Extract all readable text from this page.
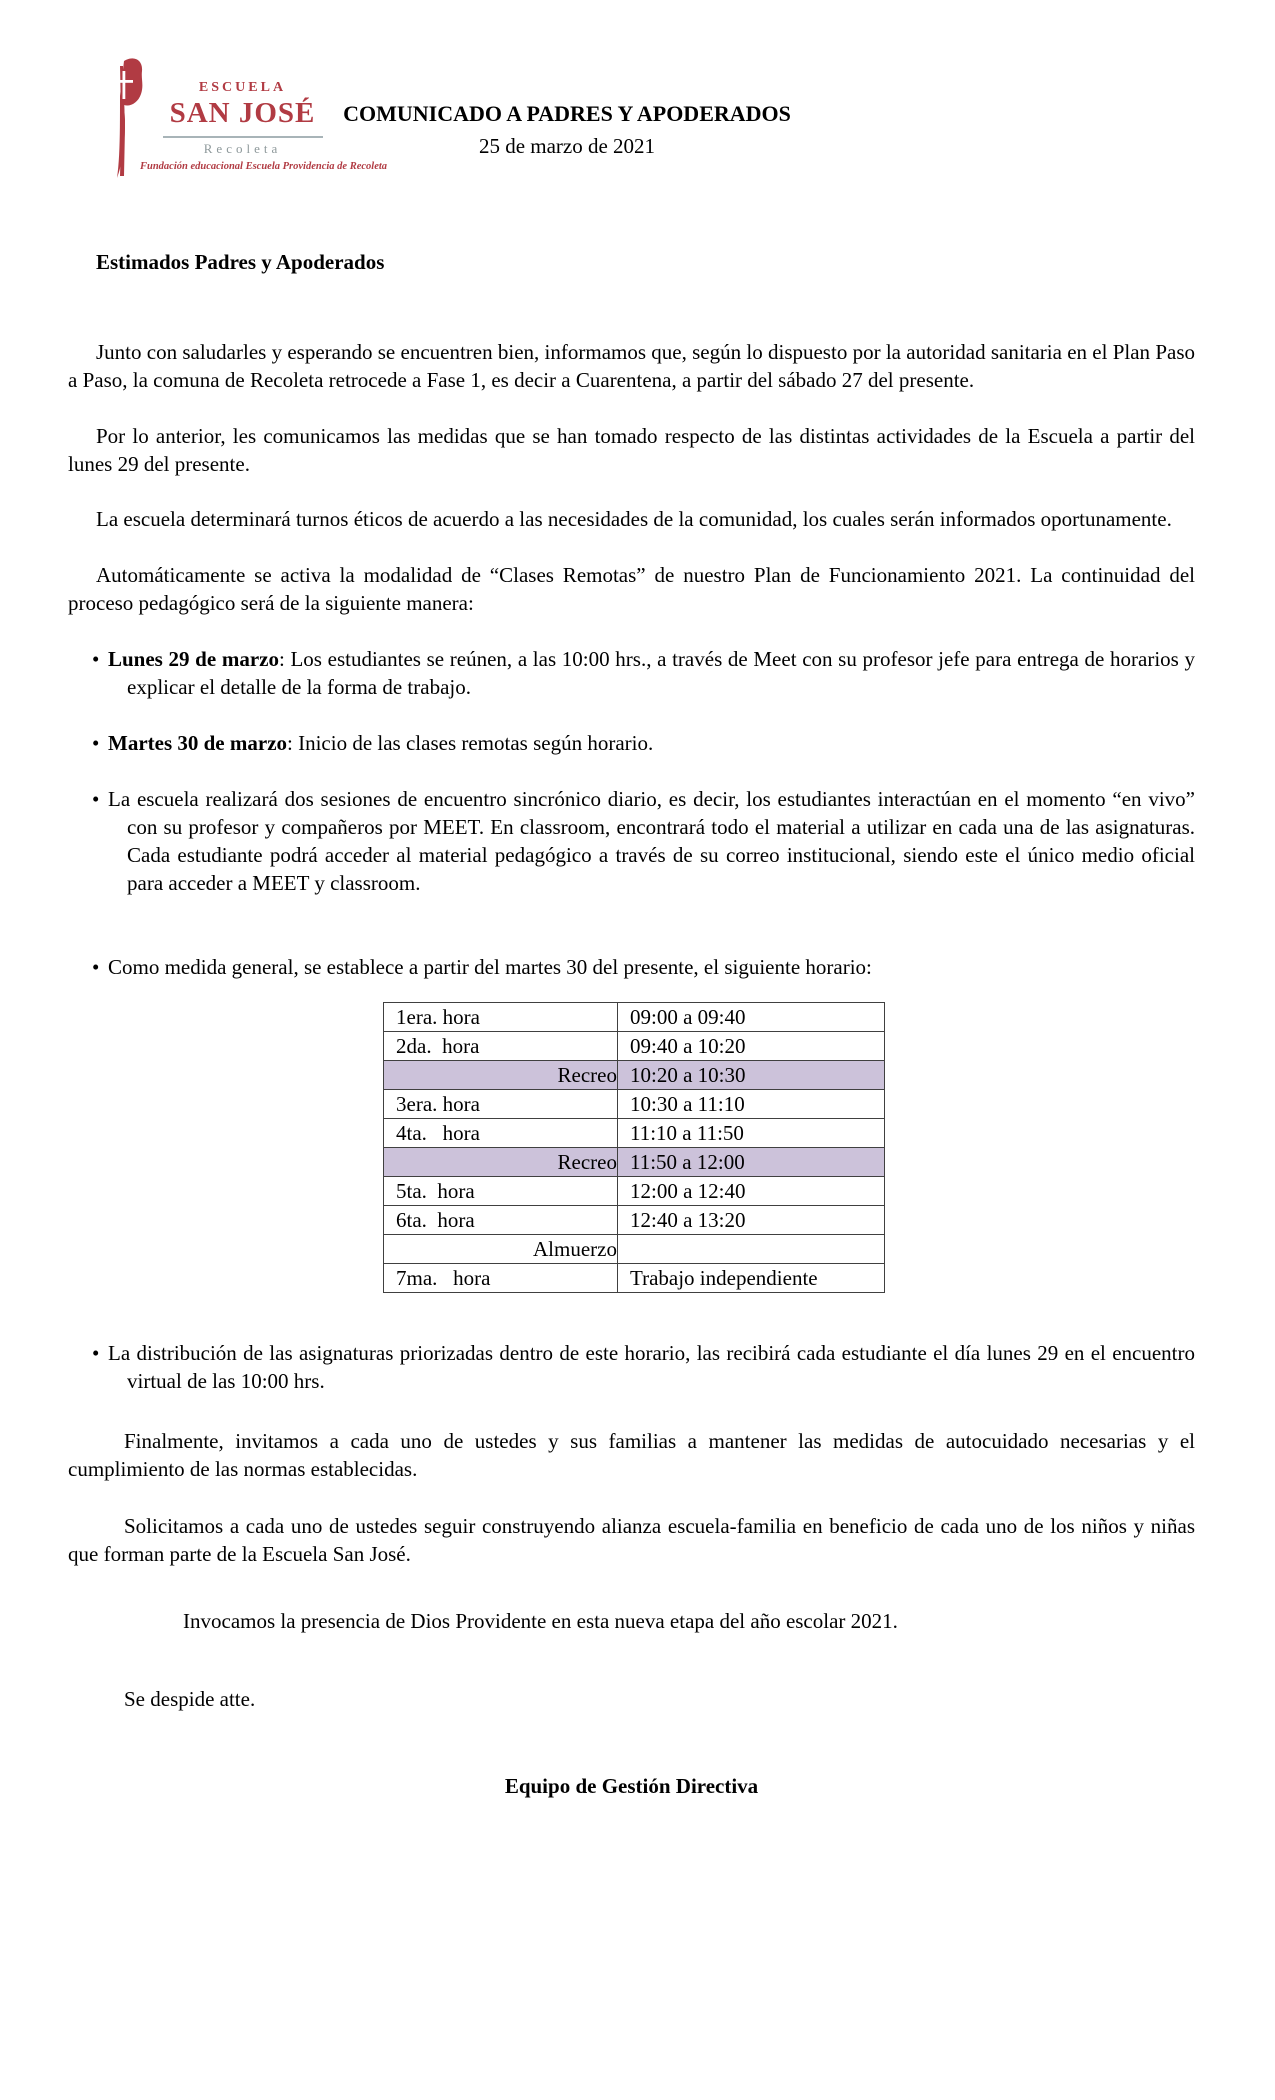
ESCUELA
SAN JOSÉ
Recoleta
Fundación educacional Escuela Providencia de Recoleta
COMUNICADO A PADRES Y APODERADOS
25 de marzo de 2021

Estimados Padres y Apoderados

Junto con saludarles y esperando se encuentren bien, informamos que, según lo dispuesto por la autoridad sanitaria en el Plan Paso a Paso, la comuna de Recoleta retrocede a Fase 1, es decir a Cuarentena, a partir del sábado 27 del presente.

Por lo anterior, les comunicamos las medidas que se han tomado respecto de las distintas actividades de la Escuela a partir del lunes 29 del presente.

La escuela determinará turnos éticos de acuerdo a las necesidades de la comunidad, los cuales serán informados oportunamente.

Automáticamente se activa la modalidad de “Clases Remotas” de nuestro Plan de Funcionamiento 2021. La continuidad del proceso pedagógico será de la siguiente manera:

• Lunes 29 de marzo: Los estudiantes se reúnen, a las 10:00 hrs., a través de Meet con su profesor jefe para entrega de horarios y explicar el detalle de la forma de trabajo.
• Martes 30 de marzo: Inicio de las clases remotas según horario.
• La escuela realizará dos sesiones de encuentro sincrónico diario, es decir, los estudiantes interactúan en el momento “en vivo” con su profesor y compañeros por MEET. En classroom, encontrará todo el material a utilizar en cada una de las asignaturas. Cada estudiante podrá acceder al material pedagógico a través de su correo institucional, siendo este el único medio oficial para acceder a MEET y classroom.
• Como medida general, se establece a partir del martes 30 del presente, el siguiente horario:
1era. hora	09:00 a 09:40
2da.  hora	09:40 a 10:20
Recreo	10:20 a 10:30
3era. hora	10:30 a 11:10
4ta.   hora	11:10 a 11:50
Recreo	11:50 a 12:00
5ta.  hora	12:00 a 12:40
6ta.  hora	12:40 a 13:20
Almuerzo	
7ma.   hora	Trabajo independiente
• La distribución de las asignaturas priorizadas dentro de este horario, las recibirá cada estudiante el día lunes 29 en el encuentro virtual de las 10:00 hrs.

Finalmente, invitamos a cada uno de ustedes y sus familias a mantener las medidas de autocuidado necesarias y el cumplimiento de las normas establecidas.

Solicitamos a cada uno de ustedes seguir construyendo alianza escuela-familia en beneficio de cada uno de los niños y niñas que forman parte de la Escuela San José.

Invocamos la presencia de Dios Providente en esta nueva etapa del año escolar 2021.

Se despide atte.

Equipo de Gestión Directiva
